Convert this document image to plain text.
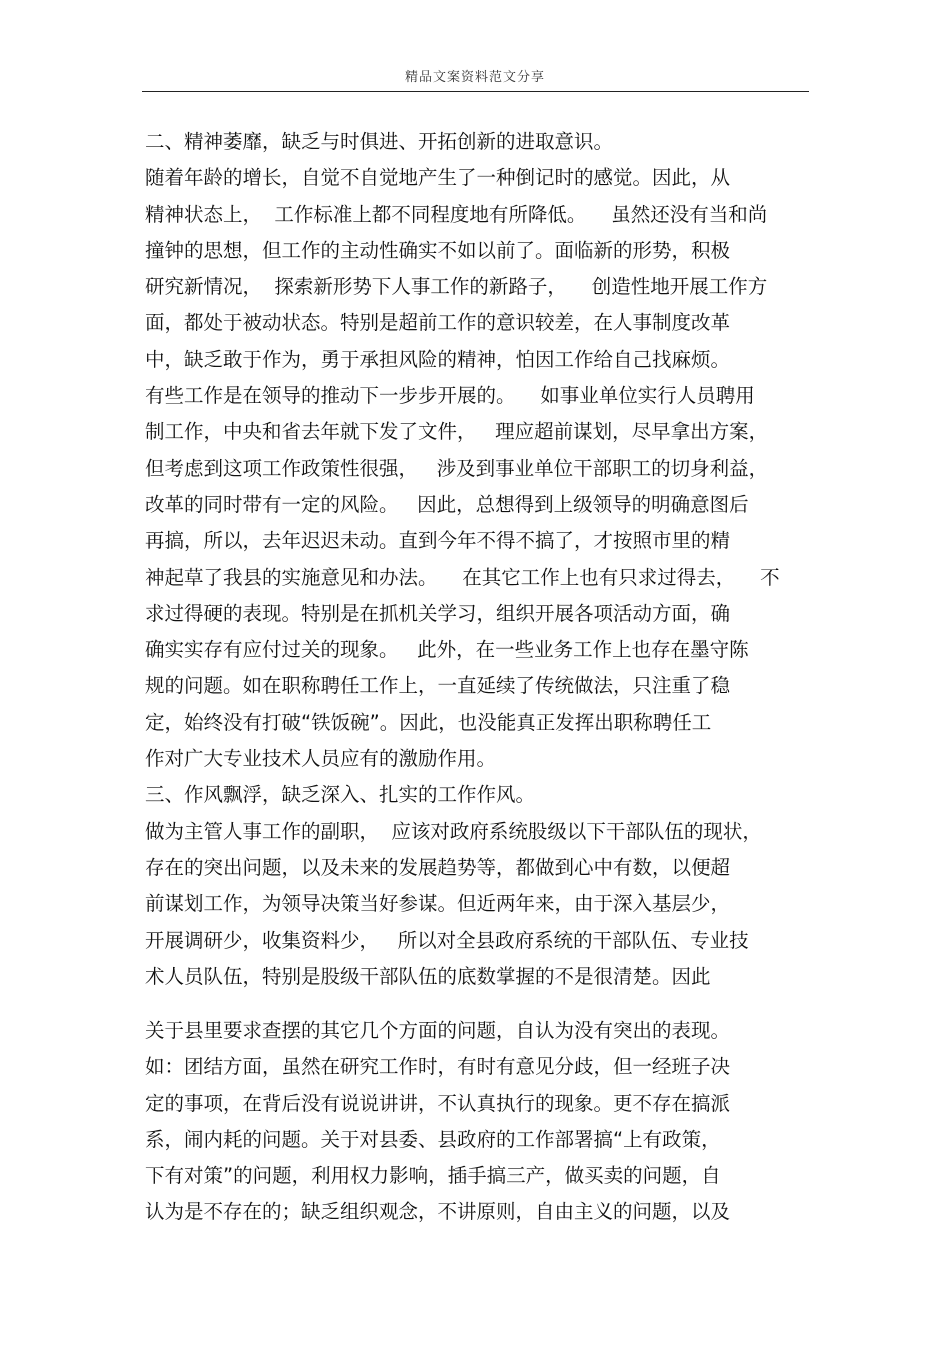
精品文案资料范文分享
二、精神萎靡，缺乏与时俱进、开拓创新的进取意识。
随着年龄的增长，自觉不自觉地产生了一种倒记时的感觉。因此，从
精神状态上，  工作标准上都不同程度地有所降低。    虽然还没有当和尚
撞钟的思想，但工作的主动性确实不如以前了。面临新的形势，积极
研究新情况，  探索新形势下人事工作的新路子，    创造性地开展工作方
面，都处于被动状态。特别是超前工作的意识较差，在人事制度改革
中，缺乏敢于作为，勇于承担风险的精神，怕因工作给自己找麻烦。
有些工作是在领导的推动下一步步开展的。    如事业单位实行人员聘用
制工作，中央和省去年就下发了文件，   理应超前谋划，尽早拿出方案，
但考虑到这项工作政策性很强，   涉及到事业单位干部职工的切身利益，
改革的同时带有一定的风险。   因此，总想得到上级领导的明确意图后
再搞，所以，去年迟迟未动。直到今年不得不搞了，才按照市里的精
神起草了我县的实施意见和办法。    在其它工作上也有只求过得去，    不
求过得硬的表现。特别是在抓机关学习，组织开展各项活动方面，确
确实实存有应付过关的现象。   此外，在一些业务工作上也存在墨守陈
规的问题。如在职称聘任工作上，一直延续了传统做法，只注重了稳
定，始终没有打破“铁饭碗”。因此，也没能真正发挥出职称聘任工
作对广大专业技术人员应有的激励作用。
三、作风飘浮，缺乏深入、扎实的工作作风。
做为主管人事工作的副职，  应该对政府系统股级以下干部队伍的现状，
存在的突出问题，以及未来的发展趋势等，都做到心中有数，以便超
前谋划工作，为领导决策当好参谋。但近两年来，由于深入基层少，
开展调研少，收集资料少，   所以对全县政府系统的干部队伍、专业技
术人员队伍，特别是股级干部队伍的底数掌握的不是很清楚。因此
关于县里要求查摆的其它几个方面的问题，自认为没有突出的表现。
如：团结方面，虽然在研究工作时，有时有意见分歧，但一经班子决
定的事项，在背后没有说说讲讲，不认真执行的现象。更不存在搞派
系，闹内耗的问题。关于对县委、县政府的工作部署搞“上有政策，
下有对策”的问题，利用权力影响，插手搞三产，做买卖的问题，自
认为是不存在的；缺乏组织观念，不讲原则，自由主义的问题，以及
